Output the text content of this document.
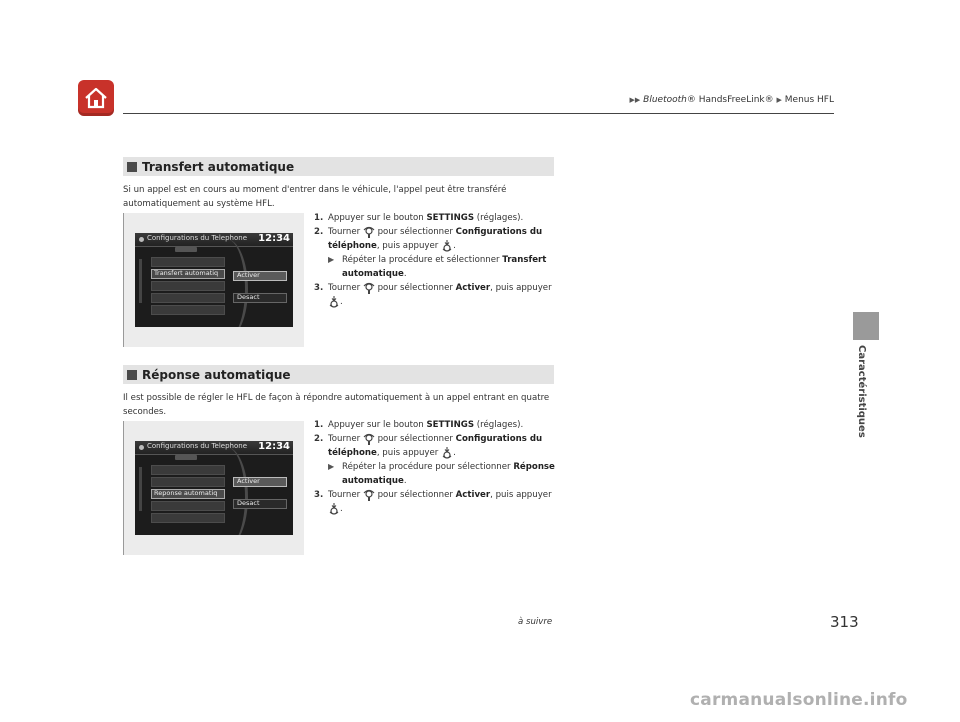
▶▶ Bluetooth® HandsFreeLink® ▶ Menus HFL
Caractéristiques
Transfert automatique
Si un appel est en cours au moment d'entrer dans le véhicule, l'appel peut être transféré automatiquement au système HFL.
Configurations du Telephone 12:34
Transfert automatiq	Activer
Desact
1. Appuyer sur le bouton SETTINGS (réglages).
2. Tourner  pour sélectionner Configurations du téléphone, puis appuyer .
▶ Répéter la procédure et sélectionner Transfert automatique.
3. Tourner  pour sélectionner Activer, puis appuyer .
Réponse automatique
Il est possible de régler le HFL de façon à répondre automatiquement à un appel entrant en quatre secondes.
Configurations du Telephone 12:34
Reponse automatiq
Activer
Desact
1. Appuyer sur le bouton SETTINGS (réglages).
2. Tourner  pour sélectionner Configurations du téléphone, puis appuyer .
▶ Répéter la procédure pour sélectionner Réponse automatique.
3. Tourner  pour sélectionner Activer, puis appuyer .
à suivre	313
carmanualsonline.info
